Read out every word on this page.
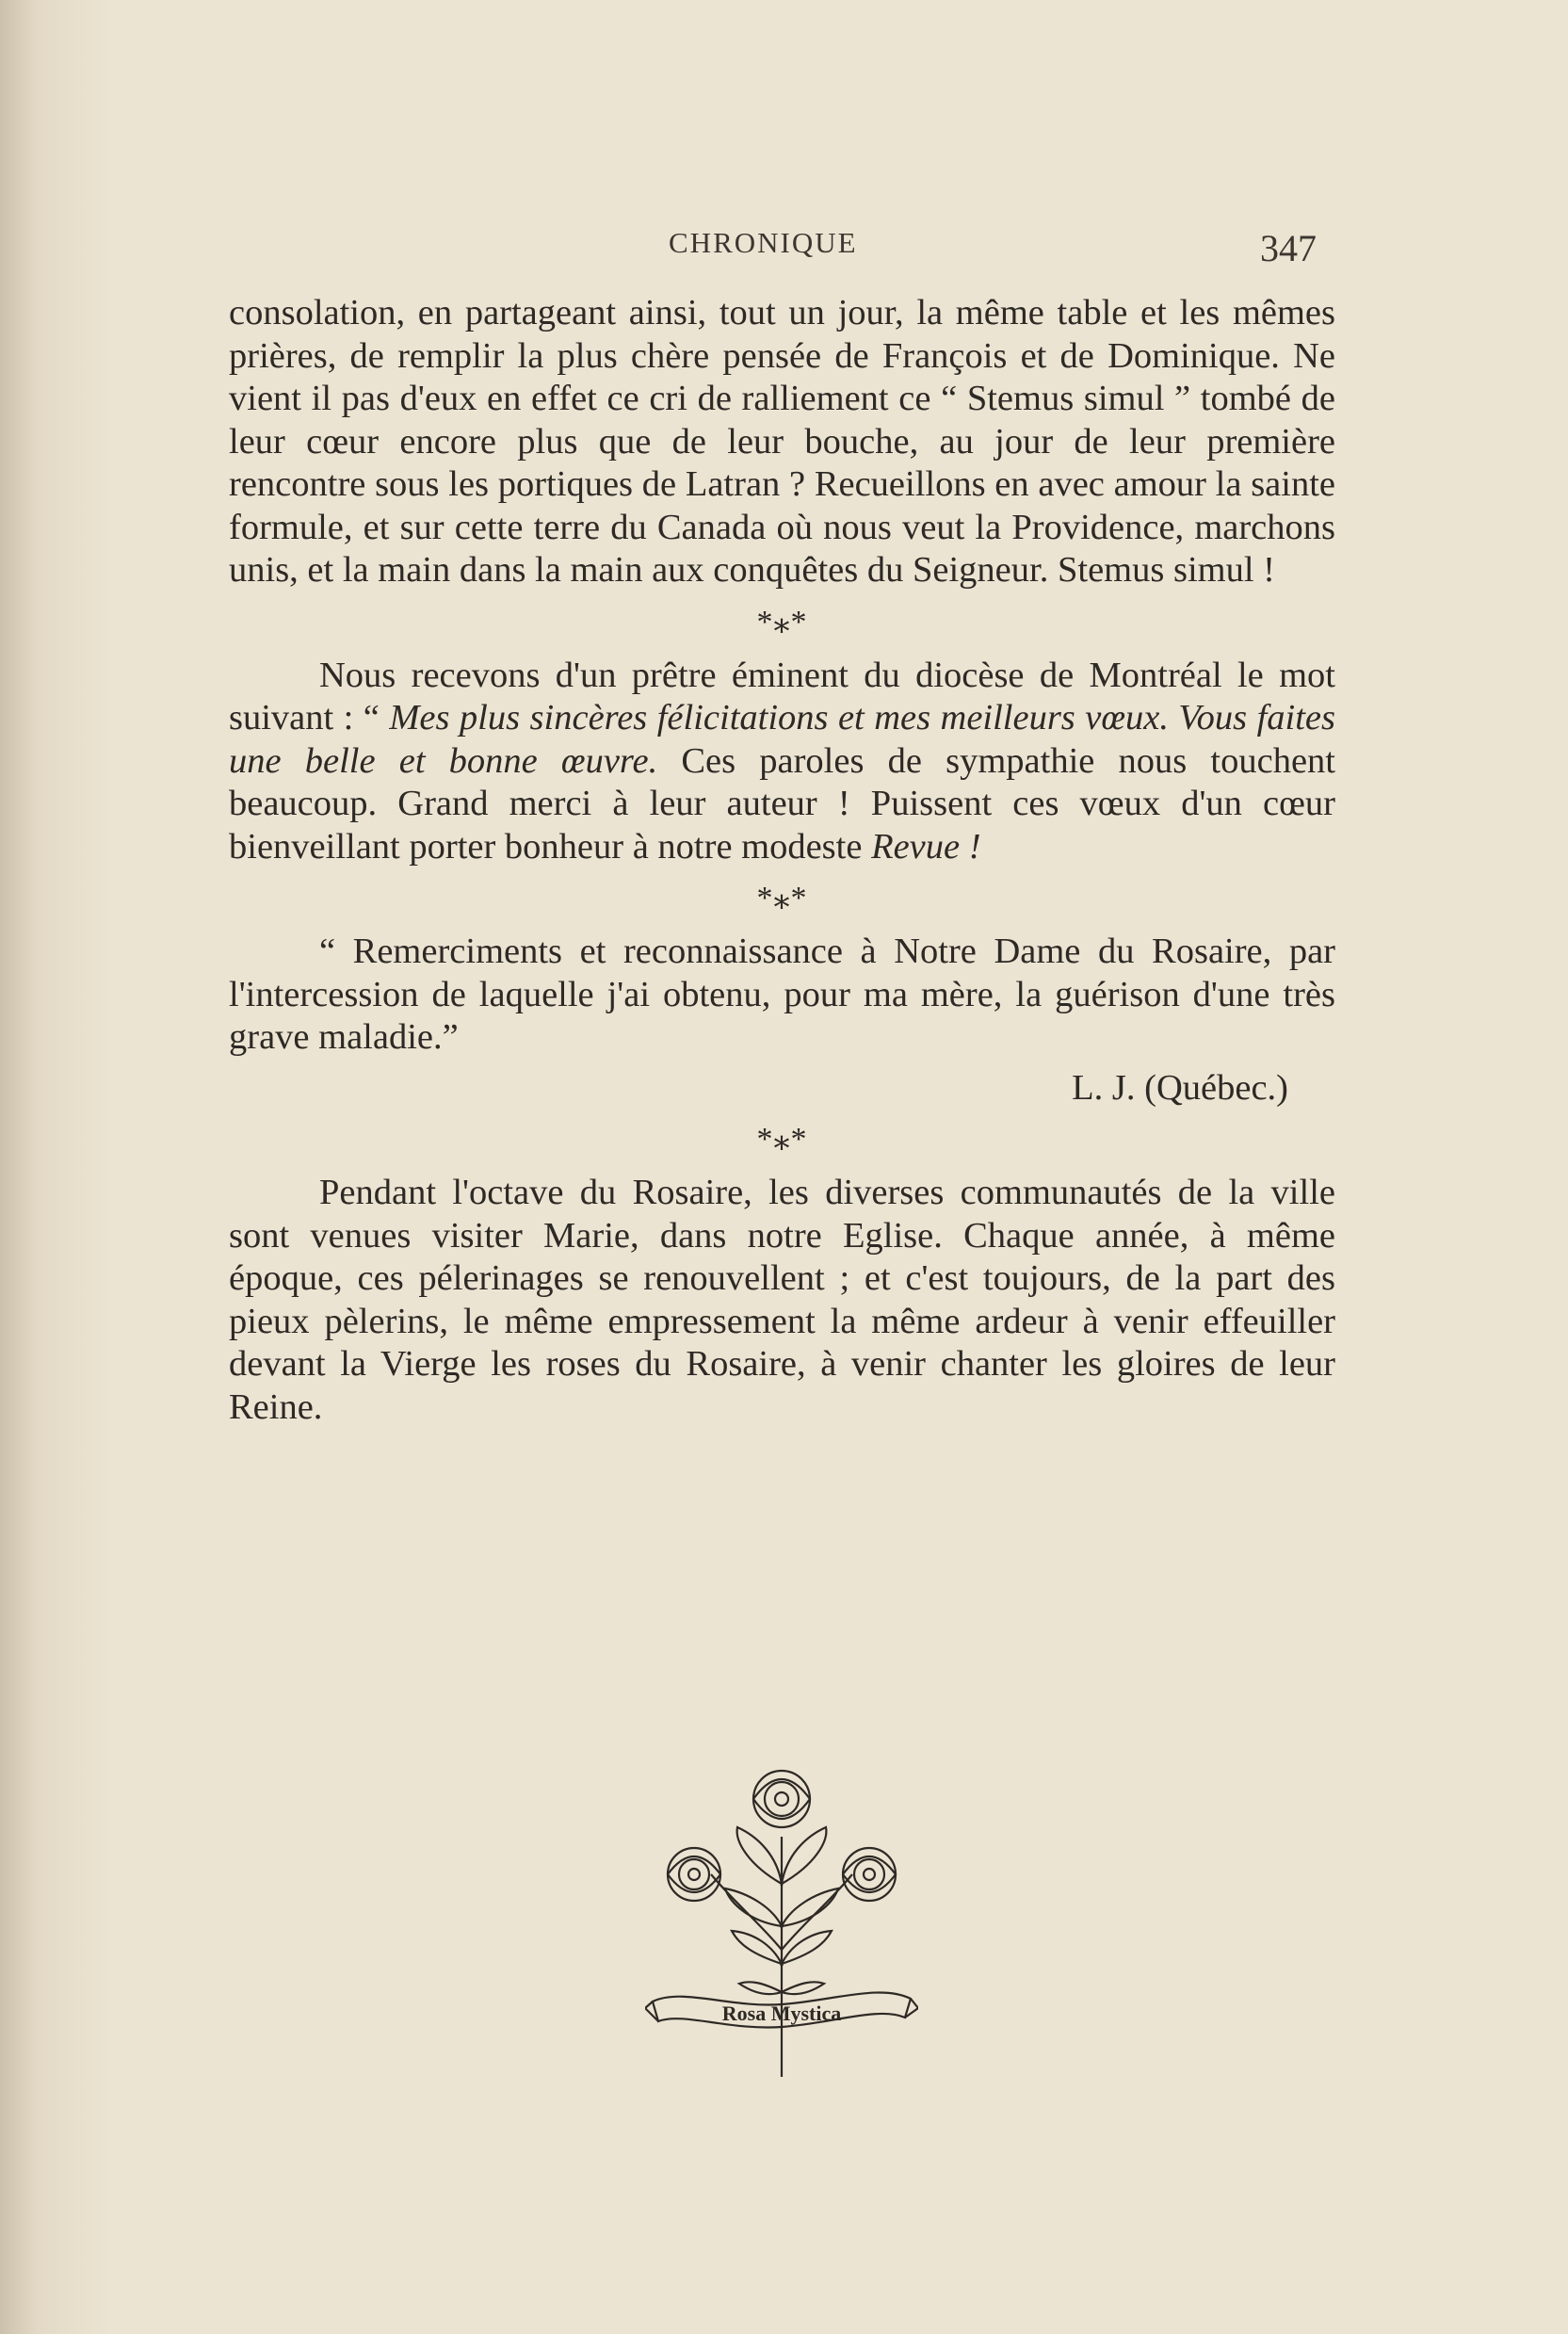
CHRONIQUE	347

consolation, en partageant ainsi, tout un jour, la même table et les mêmes prières, de remplir la plus chère pensée de François et de Dominique. Ne vient il pas d'eux en effet ce cri de ralliement ce “ Stemus simul ” tombé de leur cœur encore plus que de leur bouche, au jour de leur première rencontre sous les portiques de Latran ? Recueillons en avec amour la sainte formule, et sur cette terre du Canada où nous veut la Providence, marchons unis, et la main dans la main aux conquêtes du Seigneur. Stemus simul !

*⁎*

Nous recevons d'un prêtre éminent du diocèse de Montréal le mot suivant : “ Mes plus sincères félicitations et mes meilleurs vœux. Vous faites une belle et bonne œuvre. Ces paroles de sympathie nous touchent beaucoup. Grand merci à leur auteur ! Puissent ces vœux d'un cœur bienveillant porter bonheur à notre modeste Revue !

*⁎*

“ Remerciments et reconnaissance à Notre Dame du Rosaire, par l'intercession de laquelle j'ai obtenu, pour ma mère, la guérison d'une très grave maladie.”

L. J. (Québec.)
*⁎*

Pendant l'octave du Rosaire, les diverses communautés de la ville sont venues visiter Marie, dans notre Eglise. Chaque année, à même époque, ces pélerinages se renouvellent ; et c'est toujours, de la part des pieux pèlerins, le même empressement la même ardeur à venir effeuiller devant la Vierge les roses du Rosaire, à venir chanter les gloires de leur Reine.

Rosa Mystica
